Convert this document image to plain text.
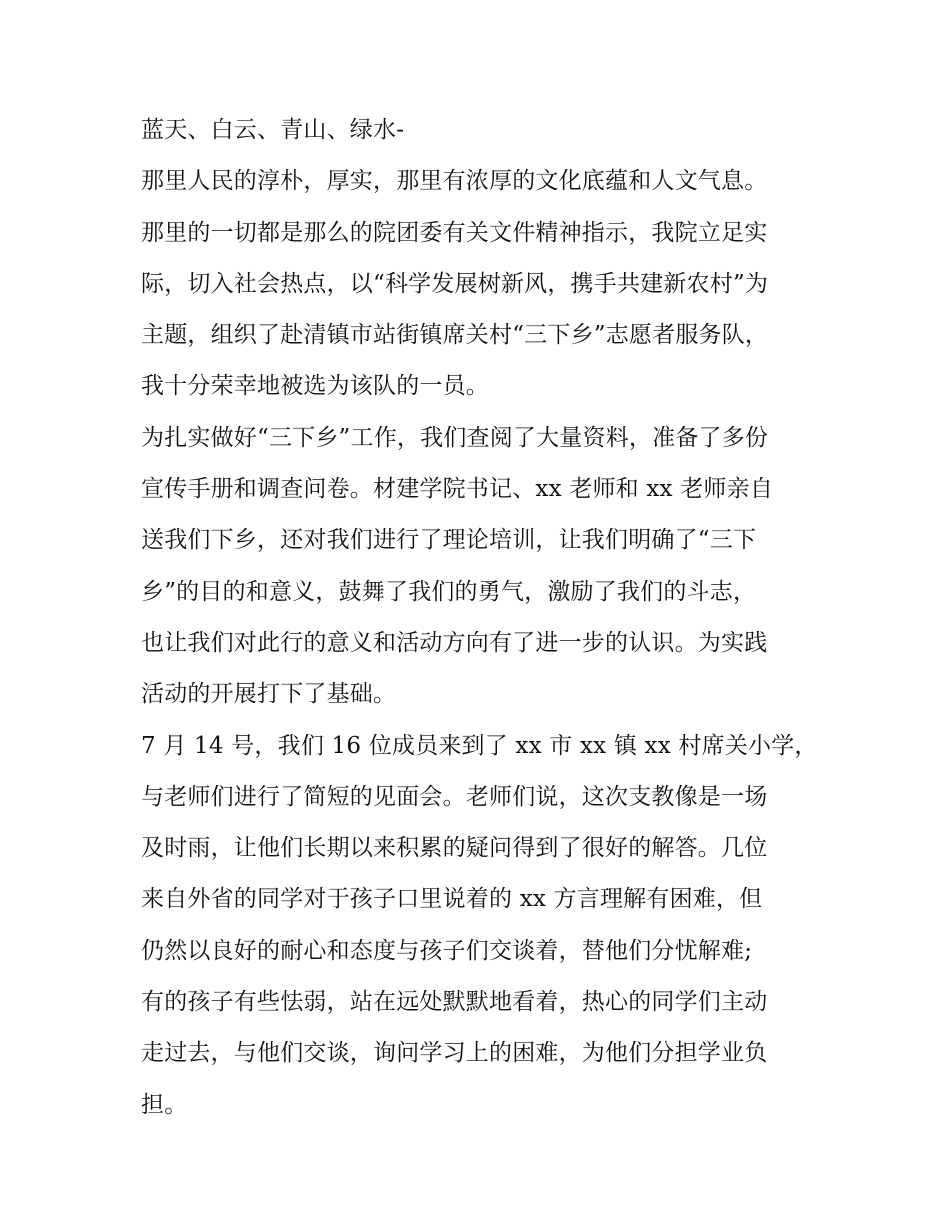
蓝天、白云、青山、绿水-
那里人民的淳朴，厚实，那里有浓厚的文化底蕴和人文气息。
那里的一切都是那么的院团委有关文件精神指示，我院立足实
际，切入社会热点，以“科学发展树新风，携手共建新农村”为
主题，组织了赴清镇市站街镇席关村“三下乡”志愿者服务队，
我十分荣幸地被选为该队的一员。
为扎实做好“三下乡”工作，我们查阅了大量资料，准备了多份
宣传手册和调查问卷。材建学院书记、xx 老师和 xx 老师亲自
送我们下乡，还对我们进行了理论培训，让我们明确了“三下
乡”的目的和意义，鼓舞了我们的勇气，激励了我们的斗志，
也让我们对此行的意义和活动方向有了进一步的认识。为实践
活动的开展打下了基础。
7 月 14 号，我们 16 位成员来到了 xx 市 xx 镇 xx 村席关小学，
与老师们进行了简短的见面会。老师们说，这次支教像是一场
及时雨，让他们长期以来积累的疑问得到了很好的解答。几位
来自外省的同学对于孩子口里说着的 xx 方言理解有困难，但
仍然以良好的耐心和态度与孩子们交谈着，替他们分忧解难;
有的孩子有些怯弱，站在远处默默地看着，热心的同学们主动
走过去，与他们交谈，询问学习上的困难，为他们分担学业负
担。
